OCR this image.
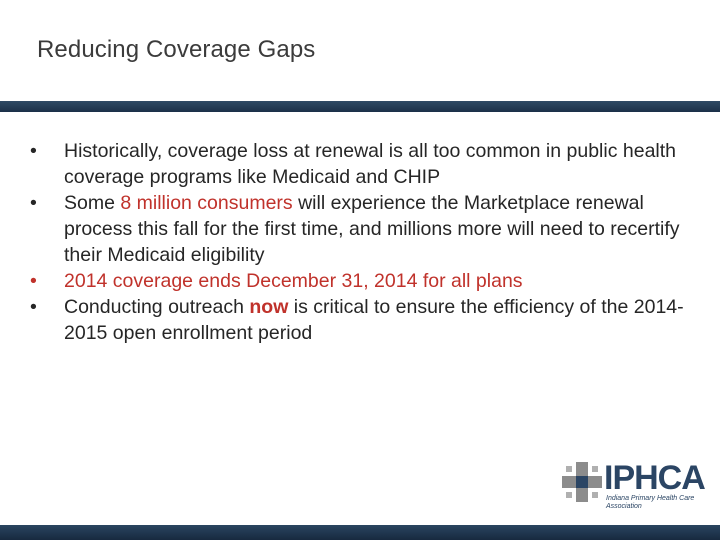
Reducing Coverage Gaps
•	Historically, coverage loss at renewal is all too common in public health coverage programs like Medicaid and CHIP
•	Some 8 million consumers will experience the Marketplace renewal process this fall for the first time, and millions more will need to recertify their Medicaid eligibility
•	2014 coverage ends December 31, 2014 for all plans
•	Conducting outreach now is critical to ensure the efficiency of the 2014-2015 open enrollment period
IPHCA
Indiana Primary Health Care Association
